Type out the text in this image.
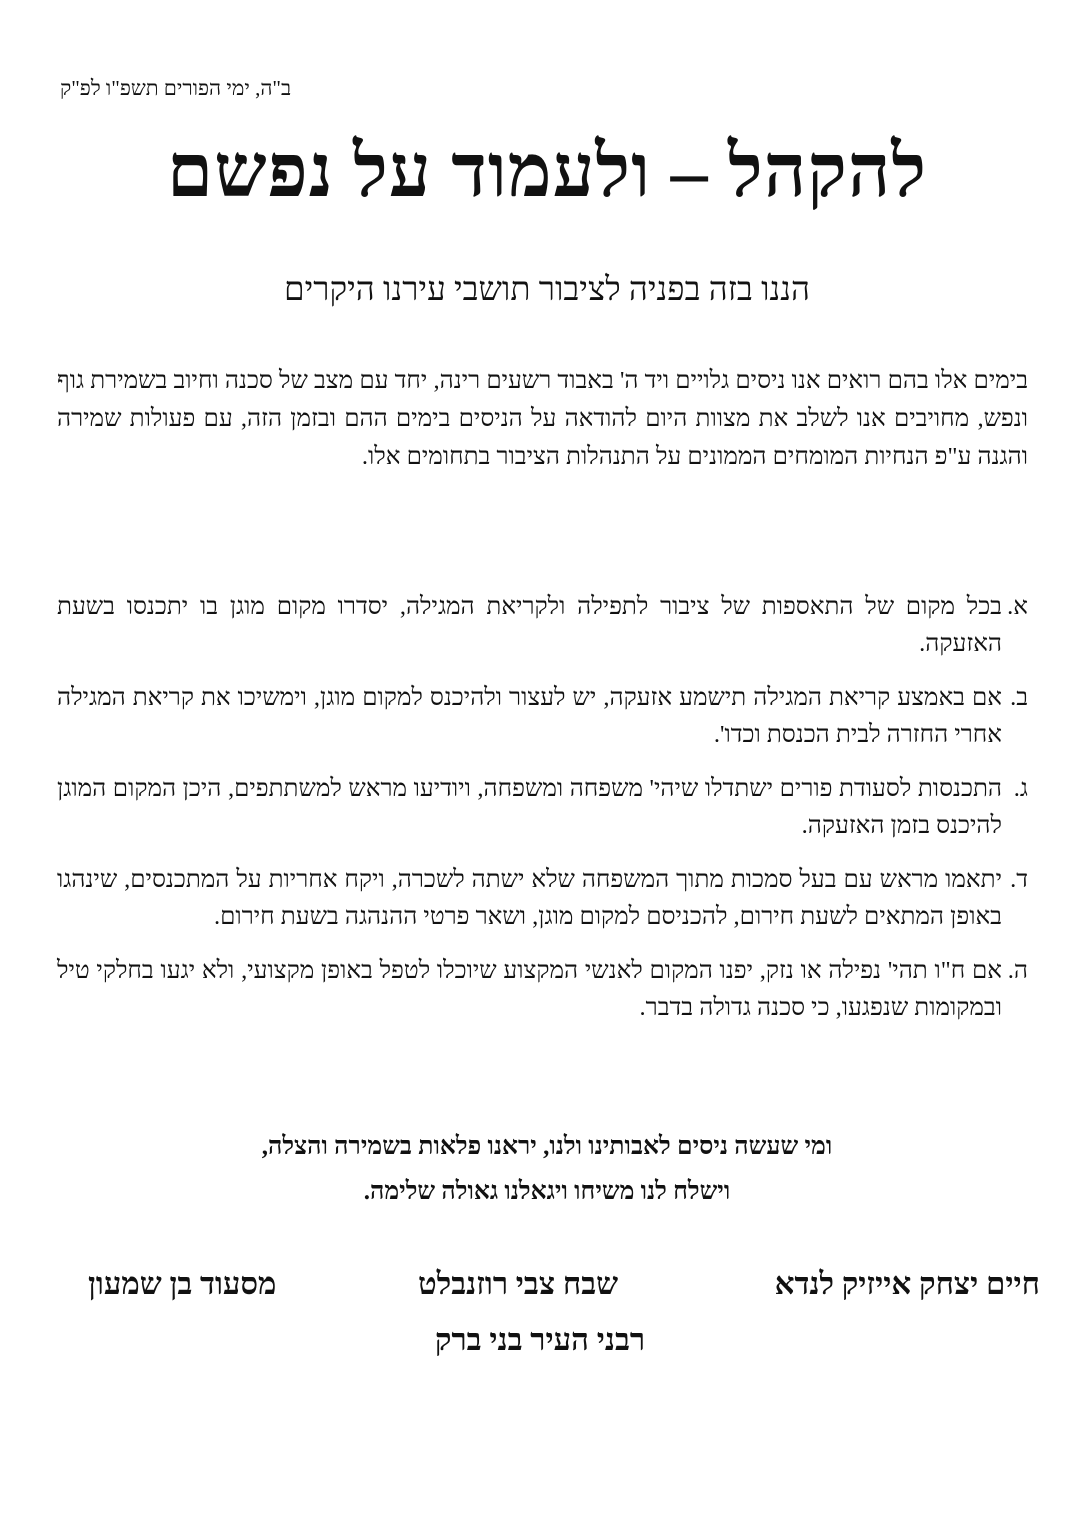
ב"ה, ימי הפורים תשפ"ו לפ"ק
להקהל – ולעמוד על נפשם
הננו בזה בפניה לציבור תושבי עירנו היקרים
בימים אלו בהם רואים אנו ניסים גלויים ויד ה' באבוד רשעים רינה, יחד עם מצב של סכנה וחיוב בשמירת גוף ונפש, מחויבים אנו לשלב את מצוות היום להודאה על הניסים בימים ההם ובזמן הזה, עם פעולות שמירה והגנה ע"פ הנחיות המומחים הממונים על התנהלות הציבור בתחומים אלו.
א.
בכל מקום של התאספות של ציבור לתפילה ולקריאת המגילה, יסדרו מקום מוגן בו יתכנסו בשעת האזעקה.
ב.
אם באמצע קריאת המגילה תישמע אזעקה, יש לעצור ולהיכנס למקום מוגן, וימשיכו את קריאת המגילה אחרי החזרה לבית הכנסת וכדו'.
ג.
התכנסות לסעודת פורים ישתדלו שיהי' משפחה ומשפחה, ויודיעו מראש למשתתפים, היכן המקום המוגן להיכנס בזמן האזעקה.
ד.
יתאמו מראש עם בעל סמכות מתוך המשפחה שלא ישתה לשכרה, ויקח אחריות על המתכנסים, שינהגו באופן המתאים לשעת חירום, להכניסם למקום מוגן, ושאר פרטי ההנהגה בשעת חירום.
ה.
אם ח"ו תהי' נפילה או נזק, יפנו המקום לאנשי המקצוע שיוכלו לטפל באופן מקצועי, ולא יגעו בחלקי טיל ובמקומות שנפגעו, כי סכנה גדולה בדבר.
ומי שעשה ניסים לאבותינו ולנו, יראנו פלאות בשמירה והצלה,
וישלח לנו משיחו ויגאלנו גאולה שלימה.
חיים יצחק אייזיק לנדא
שבח צבי רוזנבלט
מסעוד בן שמעון
רבני העיר בני ברק
